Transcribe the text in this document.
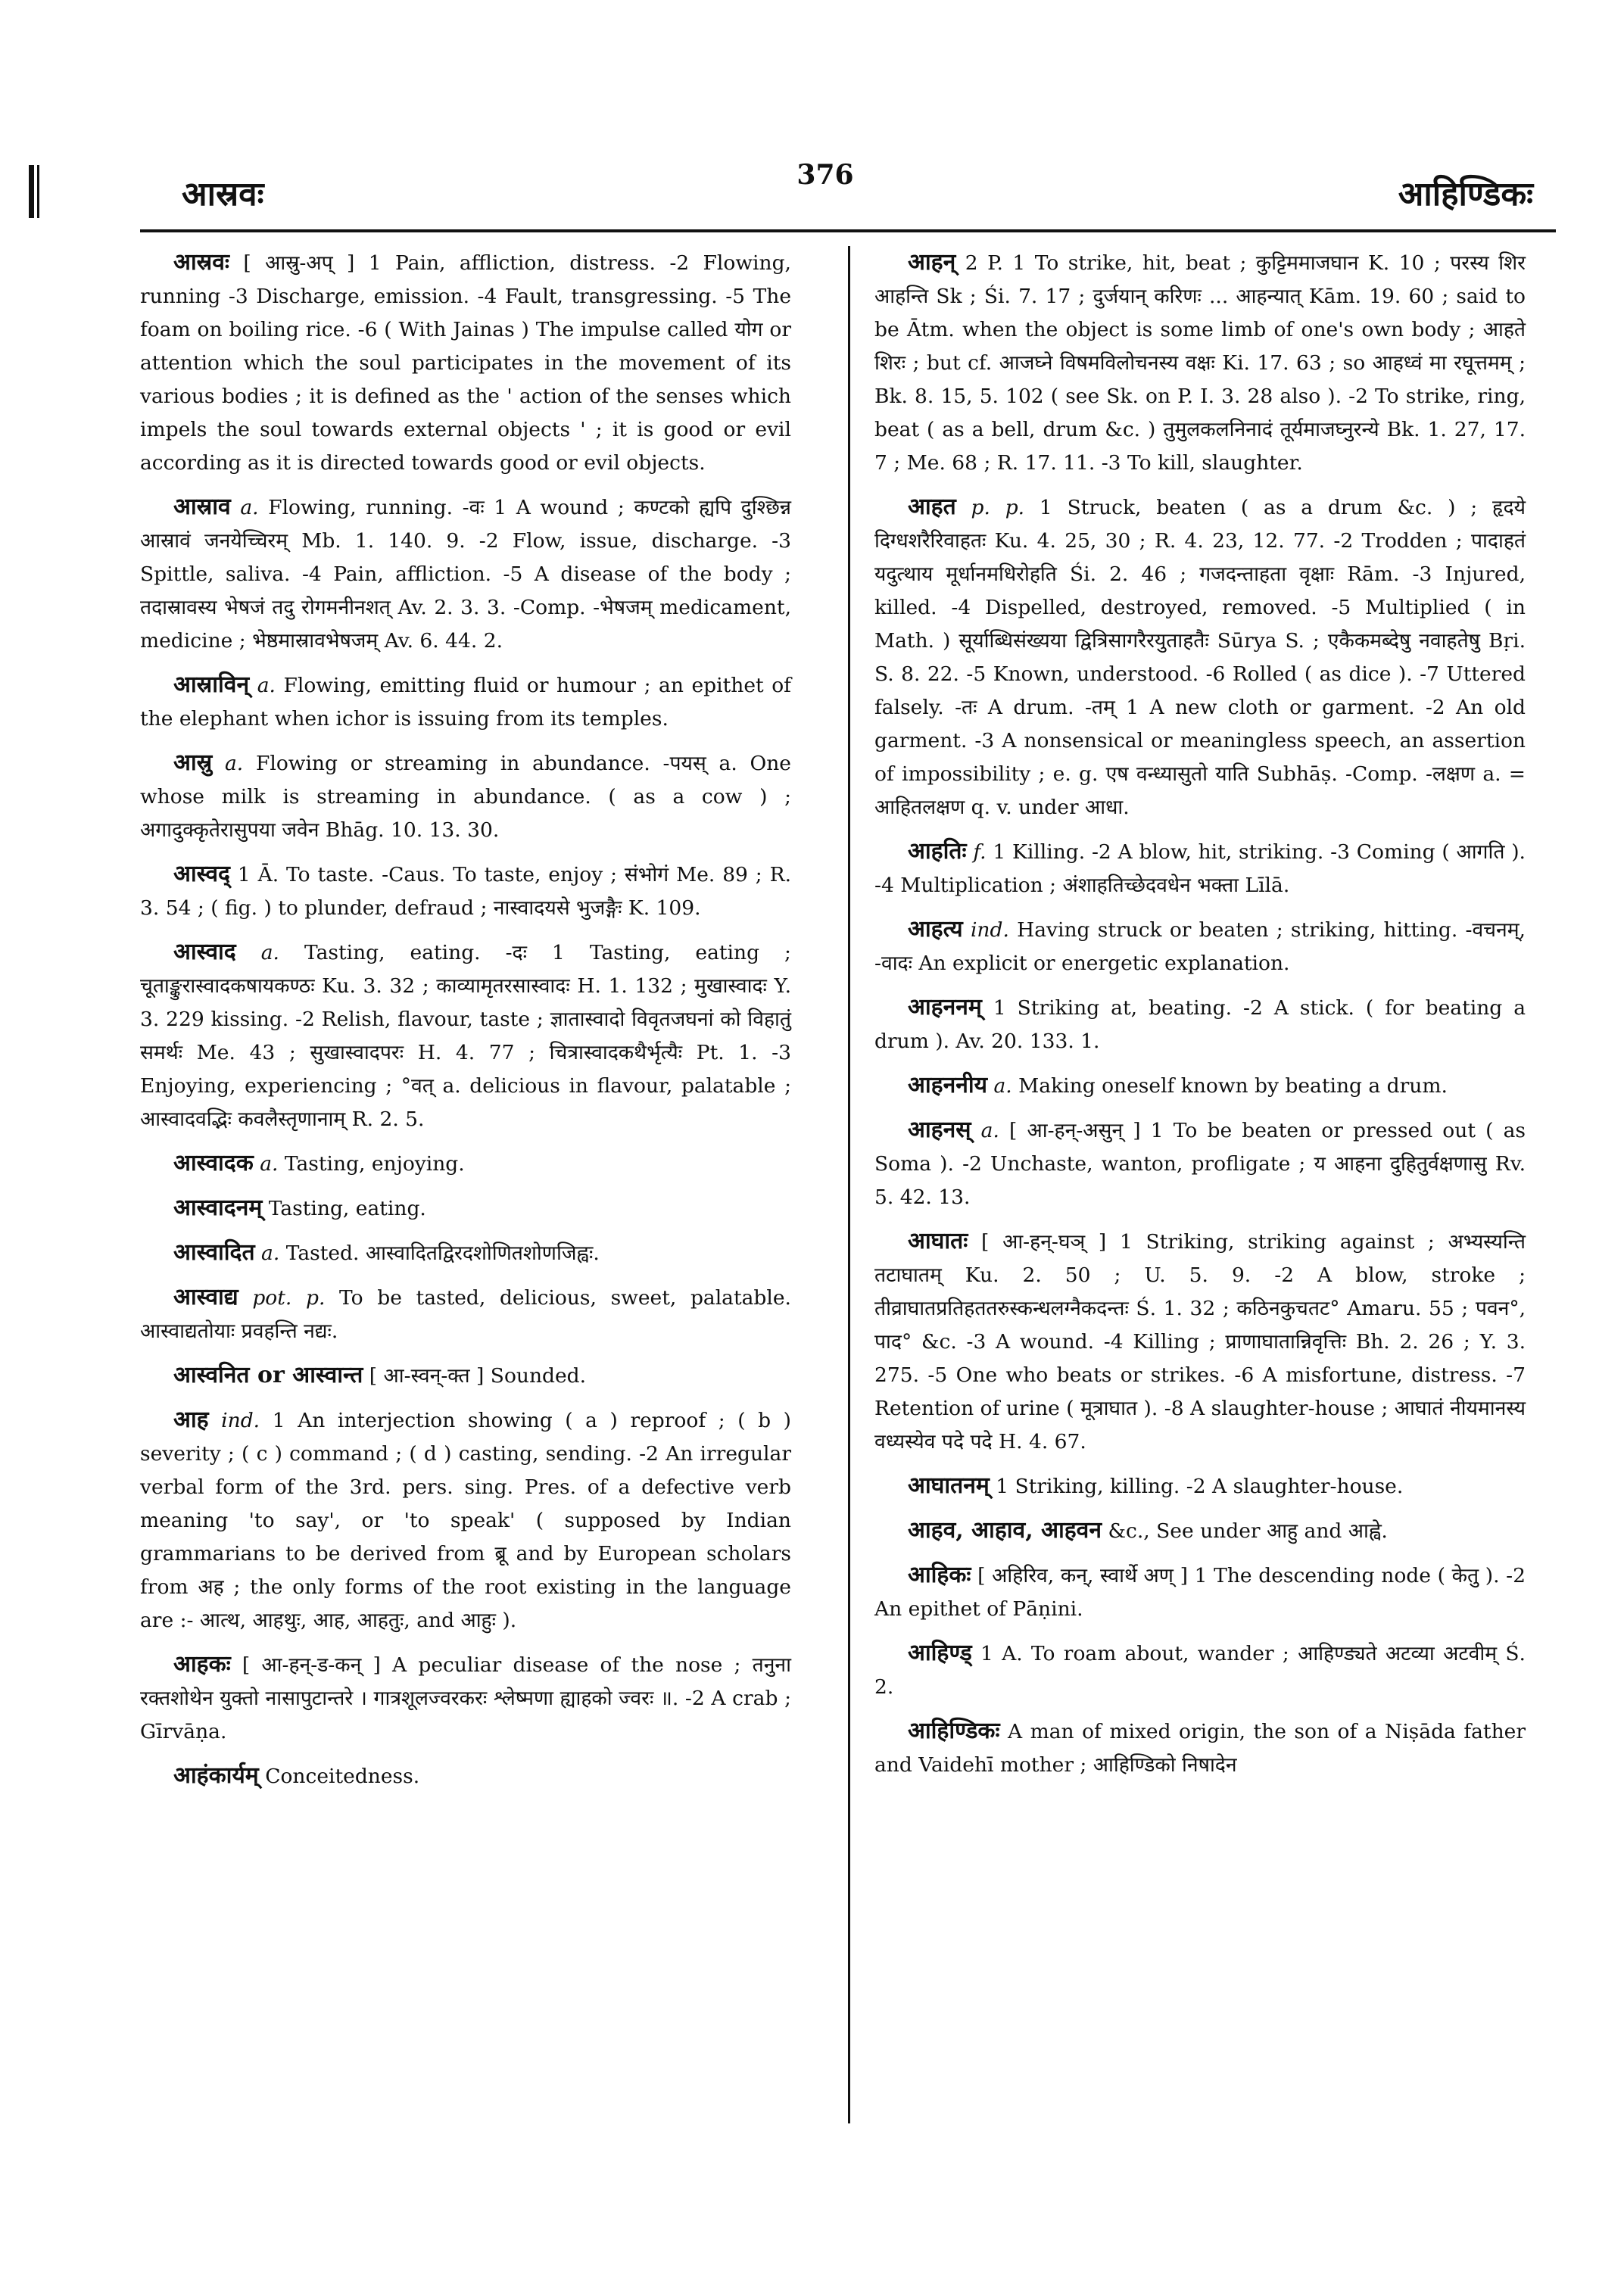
आस्रवः	376	आहिण्डिकः

आस्रवः [ आस्रु-अप् ] 1 Pain, affliction, distress. -2 Flowing, running -3 Discharge, emission. -4 Fault, transgressing. -5 The foam on boiling rice. -6 ( With Jainas ) The impulse called योग or attention which the soul participates in the movement of its various bodies ; it is defined as the ' action of the senses which impels the soul towards external objects ' ; it is good or evil according as it is directed towards good or evil objects.

आस्राव a. Flowing, running. -वः 1 A wound ; कण्टको ह्यपि दुश्छिन्न आस्रावं जनयेच्चिरम् Mb. 1. 140. 9. -2 Flow, issue, discharge. -3 Spittle, saliva. -4 Pain, affliction. -5 A disease of the body ; तदास्रावस्य भेषजं तदु रोगमनीनशत् Av. 2. 3. 3. -Comp. -भेषजम् medicament, medicine ; भेष्ठमास्रावभेषजम् Av. 6. 44. 2.

आस्राविन् a. Flowing, emitting fluid or humour ; an epithet of the elephant when ichor is issuing from its temples.

आस्रु a. Flowing or streaming in abundance. -पयस् a. One whose milk is streaming in abundance. ( as a cow ) ; अगादुक्कृतेरासुपया जवेन Bhāg. 10. 13. 30.

आस्वद् 1 Ā. To taste. -Caus. To taste, enjoy ; संभोगं Me. 89 ; R. 3. 54 ; ( fig. ) to plunder, defraud ; नास्वादयसे भुजङ्गैः K. 109.

आस्वाद a. Tasting, eating. -दः 1 Tasting, eating ; चूताङ्कुरास्वादकषायकण्ठः Ku. 3. 32 ; काव्यामृतरसास्वादः H. 1. 132 ; मुखास्वादः Y. 3. 229 kissing. -2 Relish, flavour, taste ; ज्ञातास्वादो विवृतजघनां को विहातुं समर्थः Me. 43 ; सुखास्वादपरः H. 4. 77 ; चित्रास्वादकथैर्भृत्यैः Pt. 1. -3 Enjoying, experiencing ; °वत् a. delicious in flavour, palatable ; आस्वादवद्भिः कवलैस्तृणानाम् R. 2. 5.

आस्वादक a. Tasting, enjoying.

आस्वादनम् Tasting, eating.

आस्वादित a. Tasted. आस्वादितद्विरदशोणितशोणजिह्वः.

आस्वाद्य pot. p. To be tasted, delicious, sweet, palatable. आस्वाद्यतोयाः प्रवहन्ति नद्यः.

आस्वनित or आस्वान्त [ आ-स्वन्-क्त ] Sounded.

आह ind. 1 An interjection showing ( a ) reproof ; ( b ) severity ; ( c ) command ; ( d ) casting, sending. -2 An irregular verbal form of the 3rd. pers. sing. Pres. of a defective verb meaning 'to say', or 'to speak' ( supposed by Indian grammarians to be derived from ब्रू and by European scholars from अह ; the only forms of the root existing in the language are :- आत्थ, आहथुः, आह, आहतुः, and आहुः ).

आहकः [ आ-हन्-ड-कन् ] A peculiar disease of the nose ; तनुना रक्तशोथेन युक्तो नासापुटान्तरे । गात्रशूलज्वरकरः श्लेष्मणा ह्याहको ज्वरः ॥. -2 A crab ; Gīrvāṇa.

आहंकार्यम् Conceitedness.

आहन् 2 P. 1 To strike, hit, beat ; कुट्टिममाजघान K. 10 ; परस्य शिर आहन्ति Sk ; Śi. 7. 17 ; दुर्जयान् करिणः ... आहन्यात् Kām. 19. 60 ; said to be Ātm. when the object is some limb of one's own body ; आहते शिरः ; but cf. आजघ्ने विषमविलोचनस्य वक्षः Ki. 17. 63 ; so आहध्वं मा रघूत्तमम् ; Bk. 8. 15, 5. 102 ( see Sk. on P. I. 3. 28 also ). -2 To strike, ring, beat ( as a bell, drum &c. ) तुमुलकलनिनादं तूर्यमाजघ्नुरन्ये Bk. 1. 27, 17. 7 ; Me. 68 ; R. 17. 11. -3 To kill, slaughter.

आहत p. p. 1 Struck, beaten ( as a drum &c. ) ; हृदये दिग्धशरैरिवाहतः Ku. 4. 25, 30 ; R. 4. 23, 12. 77. -2 Trodden ; पादाहतं यदुत्थाय मूर्धानमधिरोहति Śi. 2. 46 ; गजदन्ताहता वृक्षाः Rām. -3 Injured, killed. -4 Dispelled, destroyed, removed. -5 Multiplied ( in Math. ) सूर्याब्धिसंख्यया द्वित्रिसागरैरयुताहतैः Sūrya S. ; एकैकमब्देषु नवाहतेषु Bṛi. S. 8. 22. -5 Known, understood. -6 Rolled ( as dice ). -7 Uttered falsely. -तः A drum. -तम् 1 A new cloth or garment. -2 An old garment. -3 A nonsensical or meaningless speech, an assertion of impossibility ; e. g. एष वन्ध्यासुतो याति Subhāṣ. -Comp. -लक्षण a. = आहितलक्षण q. v. under आधा.

आहतिः f. 1 Killing. -2 A blow, hit, striking. -3 Coming ( आगति ). -4 Multiplication ; अंशाहतिच्छेदवधेन भक्ता Līlā.

आहत्य ind. Having struck or beaten ; striking, hitting. -वचनम्, -वादः An explicit or energetic explanation.

आहननम् 1 Striking at, beating. -2 A stick. ( for beating a drum ). Av. 20. 133. 1.

आहननीय a. Making oneself known by beating a drum.

आहनस् a. [ आ-हन्-असुन् ] 1 To be beaten or pressed out ( as Soma ). -2 Unchaste, wanton, profligate ; य आहना दुहितुर्वक्षणासु Rv. 5. 42. 13.

आघातः [ आ-हन्-घञ् ] 1 Striking, striking against ; अभ्यस्यन्ति तटाघातम् Ku. 2. 50 ; U. 5. 9. -2 A blow, stroke ; तीव्राघातप्रतिहततरुस्कन्धलग्नैकदन्तः Ś. 1. 32 ; कठिनकुचतट° Amaru. 55 ; पवन°, पाद° &c. -3 A wound. -4 Killing ; प्राणाघातान्निवृत्तिः Bh. 2. 26 ; Y. 3. 275. -5 One who beats or strikes. -6 A misfortune, distress. -7 Retention of urine ( मूत्राघात ). -8 A slaughter-house ; आघातं नीयमानस्य वध्यस्येव पदे पदे H. 4. 67.

आघातनम् 1 Striking, killing. -2 A slaughter-house.

आहव, आहाव, आहवन &c., See under आहु and आह्वे.

आहिकः [ अहिरिव, कन्, स्वार्थे अण् ] 1 The descending node ( केतु ). -2 An epithet of Pāṇini.

आहिण्ड् 1 A. To roam about, wander ; आहिण्ड्यते अटव्या अटवीम् Ś. 2.

आहिण्डिकः A man of mixed origin, the son of a Niṣāda father and Vaidehī mother ; आहिण्डिको निषादेन
